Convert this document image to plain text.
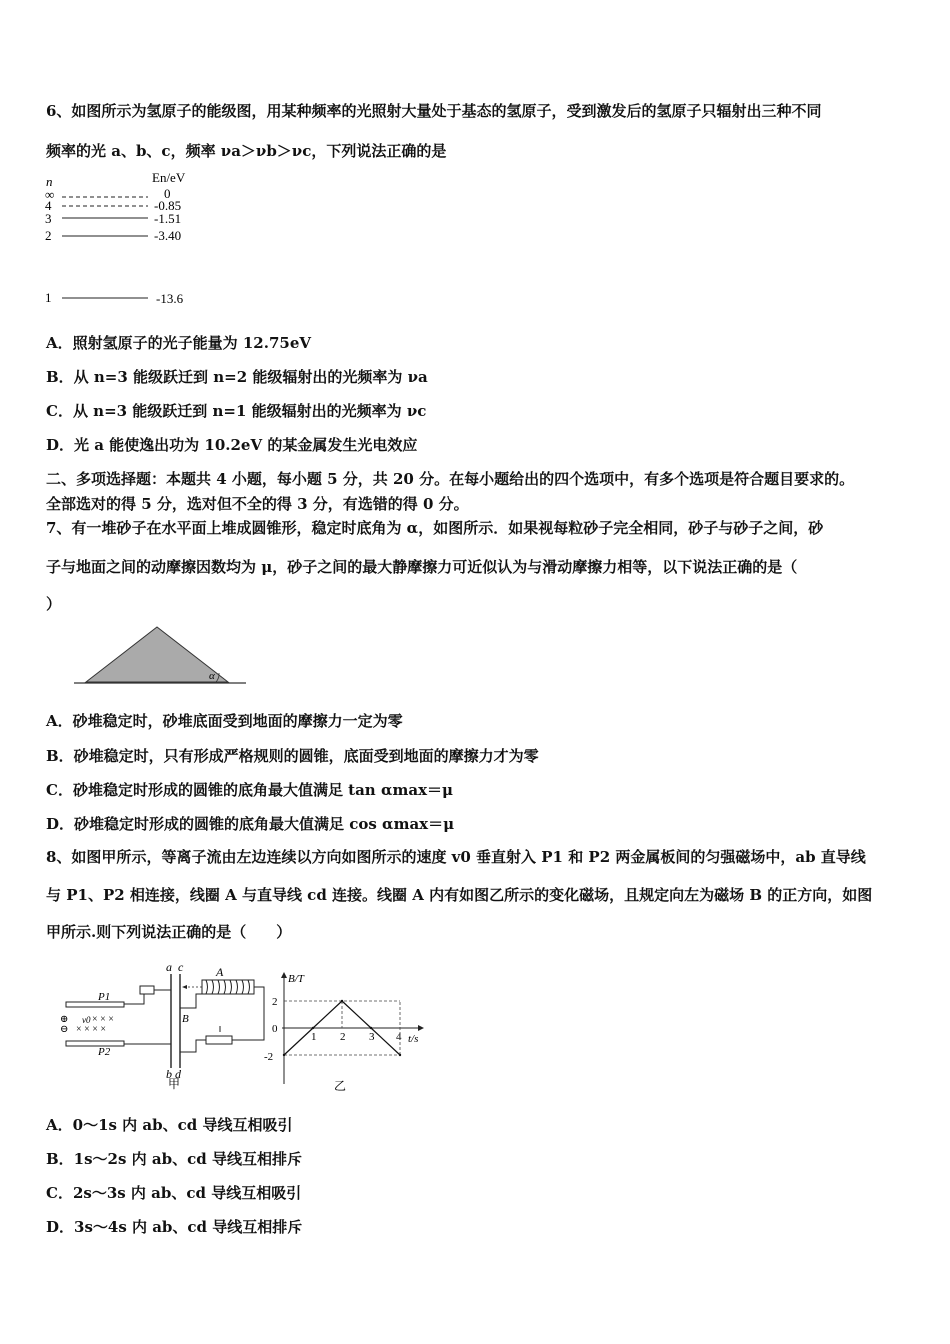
6、如图所示为氢原子的能级图，用某种频率的光照射大量处于基态的氢原子，受到激发后的氢原子只辐射出三种不同
频率的光 a、b、c，频率 νa＞νb＞νc，下列说法正确的是
n	En/eV
∞	0
4	-0.85
3	-1.51
2	-3.40
1	-13.6
A．照射氢原子的光子能量为 12.75eV
B．从 n=3 能级跃迁到 n=2 能级辐射出的光频率为 νa
C．从 n=3 能级跃迁到 n=1 能级辐射出的光频率为 νc
D．光 a 能使逸出功为 10.2eV 的某金属发生光电效应
二、多项选择题：本题共 4 小题，每小题 5 分，共 20 分。在每小题给出的四个选项中，有多个选项是符合题目要求的。
全部选对的得 5 分，选对但不全的得 3 分，有选错的得 0 分。
7、有一堆砂子在水平面上堆成圆锥形，稳定时底角为 α，如图所示．如果视每粒砂子完全相同，砂子与砂子之间，砂
子与地面之间的动摩擦因数均为 μ，砂子之间的最大静摩擦力可近似认为与滑动摩擦力相等，以下说法正确的是（
）
α
A．砂堆稳定时，砂堆底面受到地面的摩擦力一定为零
B．砂堆稳定时，只有形成严格规则的圆锥，底面受到地面的摩擦力才为零
C．砂堆稳定时形成的圆锥的底角最大值满足 tan αmax＝μ
D．砂堆稳定时形成的圆锥的底角最大值满足 cos αmax＝μ
8、如图甲所示，等离子流由左边连续以方向如图所示的速度 v0 垂直射入 P1 和 P2 两金属板间的匀强磁场中，ab 直导线
与 P1、P2 相连接，线圈 A 与直导线 cd 连接。线圈 A 内有如图乙所示的变化磁场，且规定向左为磁场 B 的正方向，如图
甲所示.则下列说法正确的是（　　）
a c
b d
甲
P1
P2
⊕
⊖
v0
× × × ×
× × ×
A
B
B/T
t/s
2
0
-2
1 2 3 4
乙
A．0～1s 内 ab、cd 导线互相吸引
B．1s～2s 内 ab、cd 导线互相排斥
C．2s～3s 内 ab、cd 导线互相吸引
D．3s～4s 内 ab、cd 导线互相排斥
